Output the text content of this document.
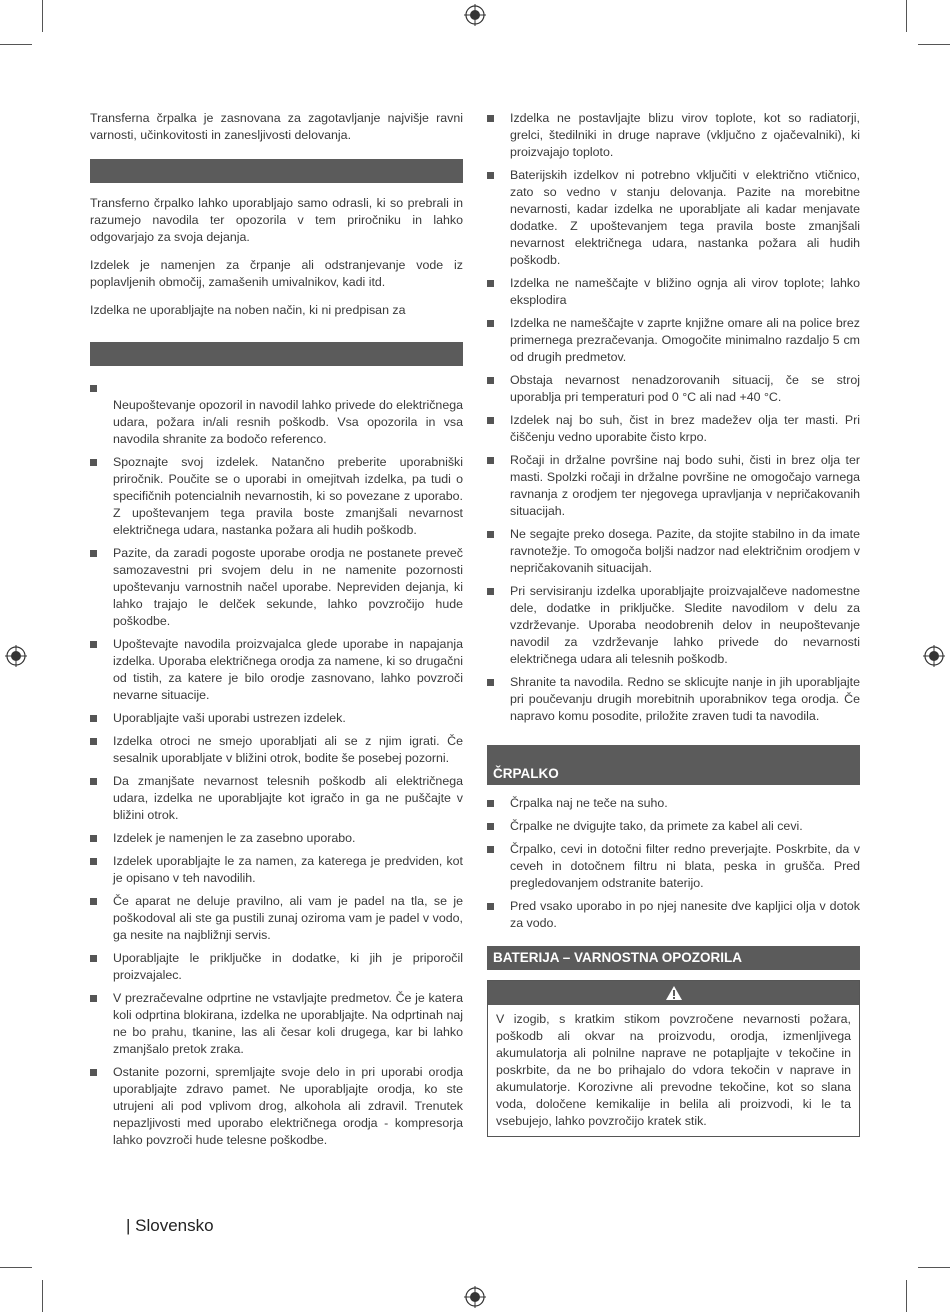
Transferna črpalka je zasnovana za zagotavljanje najvišje ravni varnosti, učinkovitosti in zanesljivosti delovanja.

Transferno črpalko lahko uporabljajo samo odrasli, ki so prebrali in razumejo navodila ter opozorila v tem priročniku in lahko odgovarjajo za svoja dejanja.

Izdelek je namenjen za črpanje ali odstranjevanje vode iz poplavljenih območij, zamašenih umivalnikov, kadi itd.

Izdelka ne uporabljajte na noben način, ki ni predpisan za

Neupoštevanje opozoril in navodil lahko privede do električnega udara, požara in/ali resnih poškodb. Vsa opozorila in vsa navodila shranite za bodočo referenco.
Spoznajte svoj izdelek. Natančno preberite uporabniški priročnik. Poučite se o uporabi in omejitvah izdelka, pa tudi o specifičnih potencialnih nevarnostih, ki so povezane z uporabo. Z upoštevanjem tega pravila boste zmanjšali nevarnost električnega udara, nastanka požara ali hudih poškodb.
Pazite, da zaradi pogoste uporabe orodja ne postanete preveč samozavestni pri svojem delu in ne namenite pozornosti upoštevanju varnostnih načel uporabe. Nepreviden dejanja, ki lahko trajajo le delček sekunde, lahko povzročijo hude poškodbe.
Upoštevajte navodila proizvajalca glede uporabe in napajanja izdelka. Uporaba električnega orodja za namene, ki so drugačni od tistih, za katere je bilo orodje zasnovano, lahko povzroči nevarne situacije.
Uporabljajte vaši uporabi ustrezen izdelek.
Izdelka otroci ne smejo uporabljati ali se z njim igrati. Če sesalnik uporabljate v bližini otrok, bodite še posebej pozorni.
Da zmanjšate nevarnost telesnih poškodb ali električnega udara, izdelka ne uporabljajte kot igračo in ga ne puščajte v bližini otrok.
Izdelek je namenjen le za zasebno uporabo.
Izdelek uporabljajte le za namen, za katerega je predviden, kot je opisano v teh navodilih.
Če aparat ne deluje pravilno, ali vam je padel na tla, se je poškodoval ali ste ga pustili zunaj oziroma vam je padel v vodo, ga nesite na najbližnji servis.
Uporabljajte le priključke in dodatke, ki jih je priporočil proizvajalec.
V prezračevalne odprtine ne vstavljajte predmetov. Če je katera koli odprtina blokirana, izdelka ne uporabljajte. Na odprtinah naj ne bo prahu, tkanine, las ali česar koli drugega, kar bi lahko zmanjšalo pretok zraka.
Ostanite pozorni, spremljajte svoje delo in pri uporabi orodja uporabljajte zdravo pamet. Ne uporabljajte orodja, ko ste utrujeni ali pod vplivom drog, alkohola ali zdravil. Trenutek nepazljivosti med uporabo električnega orodja - kompresorja lahko povzroči hude telesne poškodbe.
Izdelka ne postavljajte blizu virov toplote, kot so radiatorji, grelci, štedilniki in druge naprave (vključno z ojačevalniki), ki proizvajajo toploto.
Baterijskih izdelkov ni potrebno vključiti v električno vtičnico, zato so vedno v stanju delovanja. Pazite na morebitne nevarnosti, kadar izdelka ne uporabljate ali kadar menjavate dodatke. Z upoštevanjem tega pravila boste zmanjšali nevarnost električnega udara, nastanka požara ali hudih poškodb.
Izdelka ne nameščajte v bližino ognja ali virov toplote; lahko eksplodira
Izdelka ne nameščajte v zaprte knjižne omare ali na police brez primernega prezračevanja. Omogočite minimalno razdaljo 5 cm od drugih predmetov.
Obstaja nevarnost nenadzorovanih situacij, če se stroj uporablja pri temperaturi pod 0 °C ali nad +40 °C.
Izdelek naj bo suh, čist in brez madežev olja ter masti. Pri čiščenju vedno uporabite čisto krpo.
Ročaji in držalne površine naj bodo suhi, čisti in brez olja ter masti. Spolzki ročaji in držalne površine ne omogočajo varnega ravnanja z orodjem ter njegovega upravljanja v nepričakovanih situacijah.
Ne segajte preko dosega. Pazite, da stojite stabilno in da imate ravnotežje. To omogoča boljši nadzor nad električnim orodjem v nepričakovanih situacijah.
Pri servisiranju izdelka uporabljajte proizvajalčeve nadomestne dele, dodatke in priključke. Sledite navodilom v delu za vzdrževanje. Uporaba neodobrenih delov in neupoštevanje navodil za vzdrževanje lahko privede do nevarnosti električnega udara ali telesnih poškodb.
Shranite ta navodila. Redno se sklicujte nanje in jih uporabljajte pri poučevanju drugih morebitnih uporabnikov tega orodja. Če napravo komu posodite, priložite zraven tudi ta navodila.
ČRPALKO
Črpalka naj ne teče na suho.
Črpalke ne dvigujte tako, da primete za kabel ali cevi.
Črpalko, cevi in dotočni filter redno preverjajte. Poskrbite, da v ceveh in dotočnem filtru ni blata, peska in grušča. Pred pregledovanjem odstranite baterijo.
Pred vsako uporabo in po njej nanesite dve kapljici olja v dotok za vodo.
BATERIJA – VARNOSTNA OPOZORILA
V izogib, s kratkim stikom povzročene nevarnosti požara, poškodb ali okvar na proizvodu, orodja, izmenljivega akumulatorja ali polnilne naprave ne potapljajte v tekočine in poskrbite, da ne bo prihajalo do vdora tekočin v naprave in akumulatorje. Korozivne ali prevodne tekočine, kot so slana voda, določene kemikalije in belila ali proizvodi, ki le ta vsebujejo, lahko povzročijo kratek stik.
| Slovensko
